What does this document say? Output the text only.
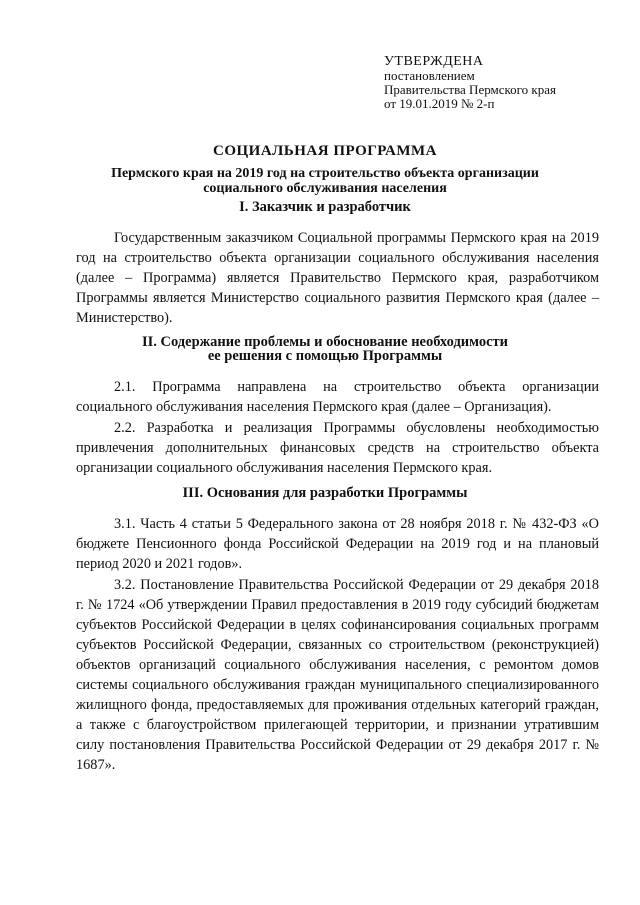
УТВЕРЖДЕНА
постановлением
Правительства Пермского края
от 19.01.2019 № 2-п
СОЦИАЛЬНАЯ ПРОГРАММА
Пермского края на 2019 год на строительство объекта организации
социального обслуживания населения
I. Заказчик и разработчик

Государственным заказчиком Социальной программы Пермского края на 2019 год на строительство объекта организации социального обслуживания населения (далее – Программа) является Правительство Пермского края, разработчиком Программы является Министерство социального развития Пермского края (далее – Министерство).

II. Содержание проблемы и обоснование необходимости
ее решения с помощью Программы

2.1. Программа направлена на строительство объекта организации социального обслуживания населения Пермского края (далее – Организация).

2.2. Разработка и реализация Программы обусловлены необходимостью привлечения дополнительных финансовых средств на строительство объекта организации социального обслуживания населения Пермского края.

III. Основания для разработки Программы

3.1. Часть 4 статьи 5 Федерального закона от 28 ноября 2018 г. № 432-ФЗ «О бюджете Пенсионного фонда Российской Федерации на 2019 год и на плановый период 2020 и 2021 годов».

3.2. Постановление Правительства Российской Федерации от 29 декабря 2018 г. № 1724 «Об утверждении Правил предоставления в 2019 году субсидий бюджетам субъектов Российской Федерации в целях софинансирования социальных программ субъектов Российской Федерации, связанных со строительством (реконструкцией) объектов организаций социального обслуживания населения, с ремонтом домов системы социального обслуживания граждан муниципального специализированного жилищного фонда, предоставляемых для проживания отдельных категорий граждан, а также с благоустройством прилегающей территории, и признании утратившим силу постановления Правительства Российской Федерации от 29 декабря 2017 г. № 1687».
